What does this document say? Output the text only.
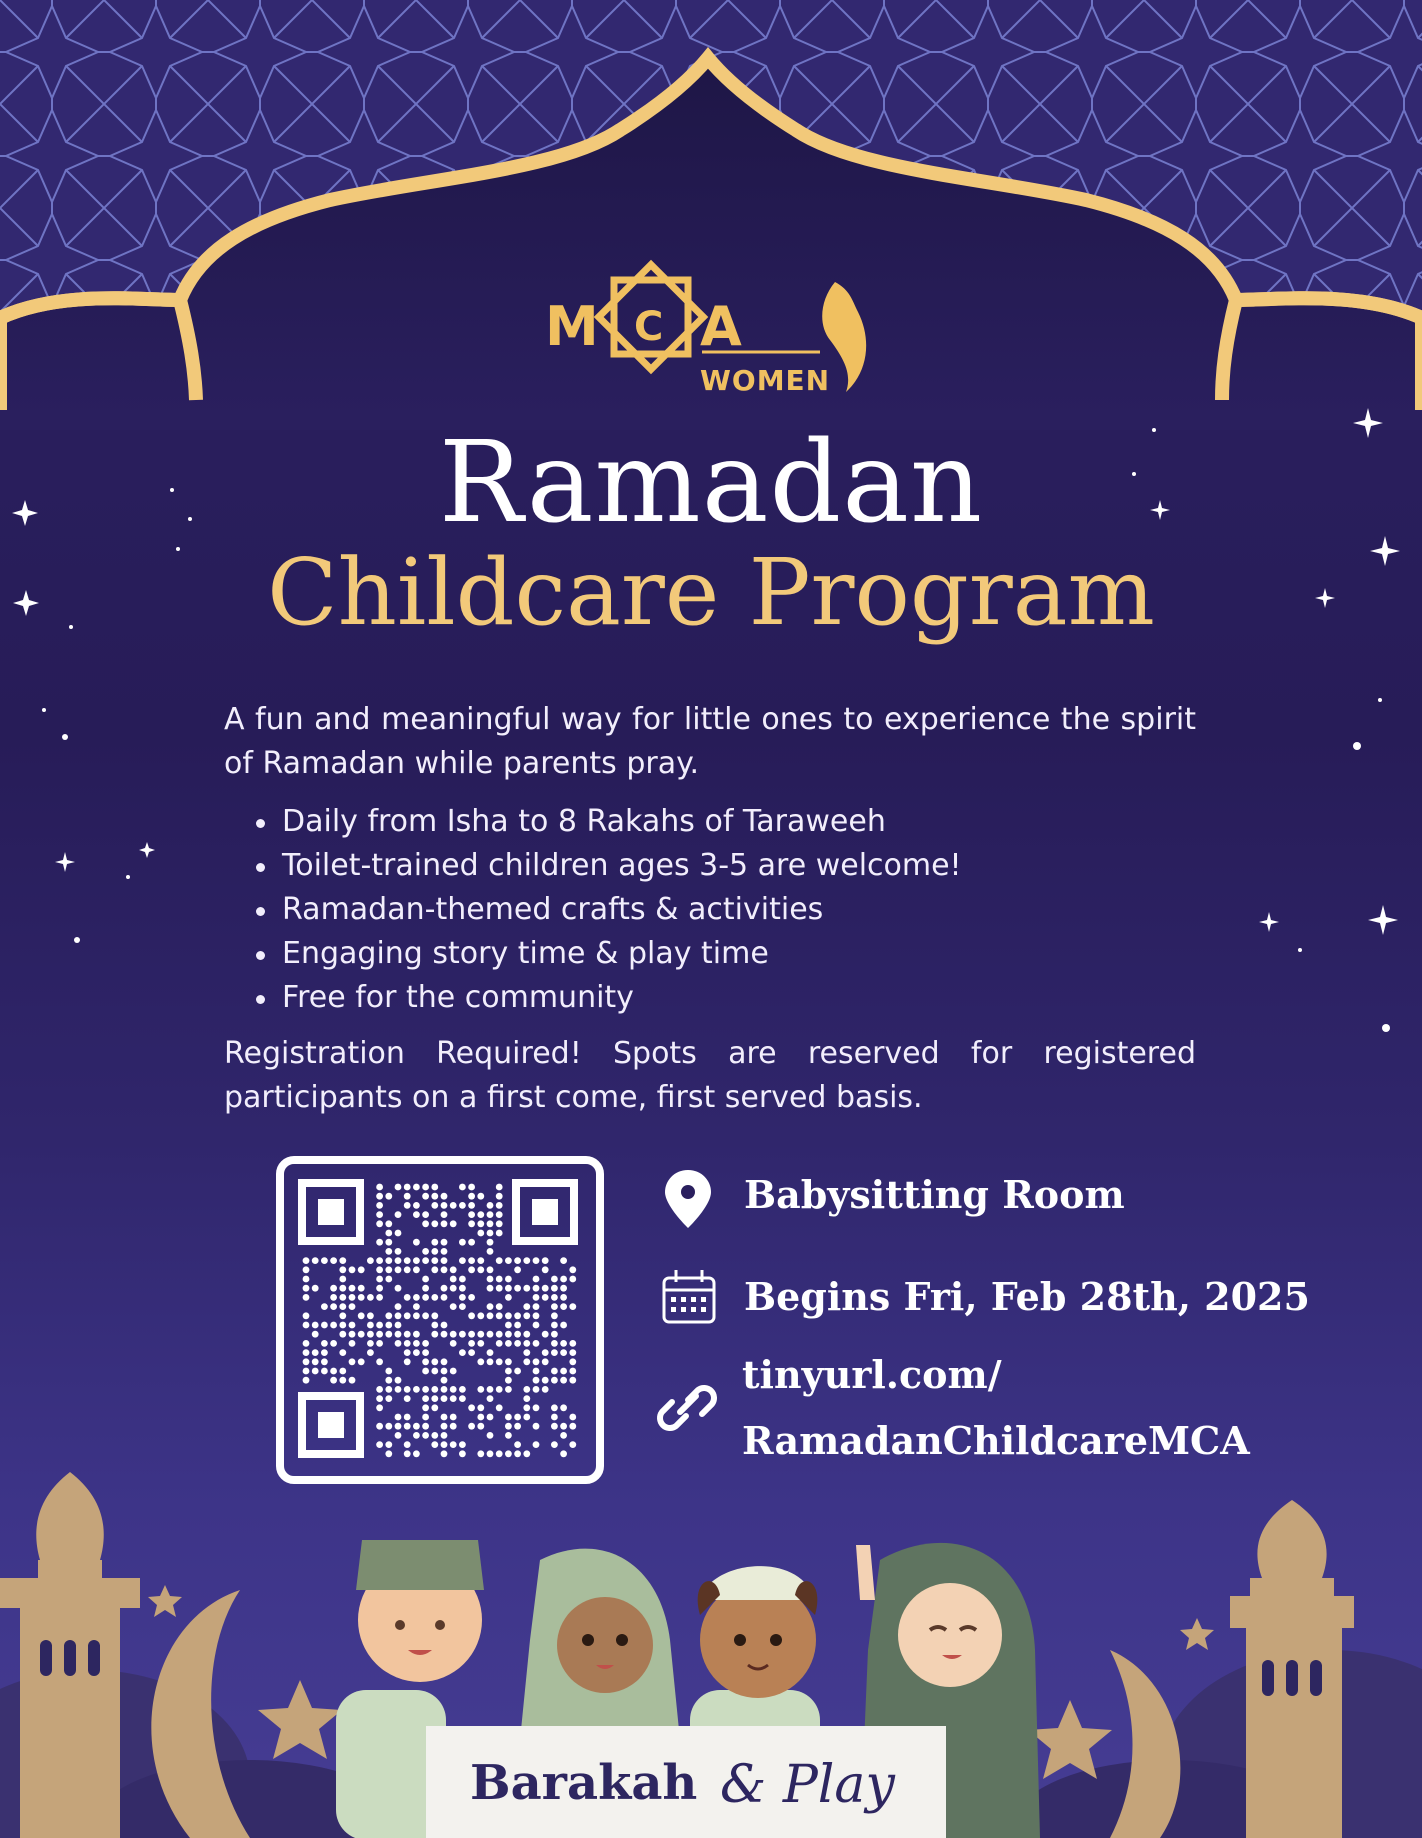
M C A
WOMEN
Ramadan
Childcare Program
A fun and meaningful way for little ones to experience the spirit of Ramadan while parents pray.
Daily from Isha to 8 Rakahs of Taraweeh
Toilet-trained children ages 3-5 are welcome!
Ramadan-themed crafts & activities
Engaging story time & play time
Free for the community
Registration Required! Spots are reserved for registered participants on a first come, first served basis.
Babysitting Room
Begins Fri, Feb 28th, 2025
tinyurl.com/
RamadanChildcareMCA
Barakah & Play
